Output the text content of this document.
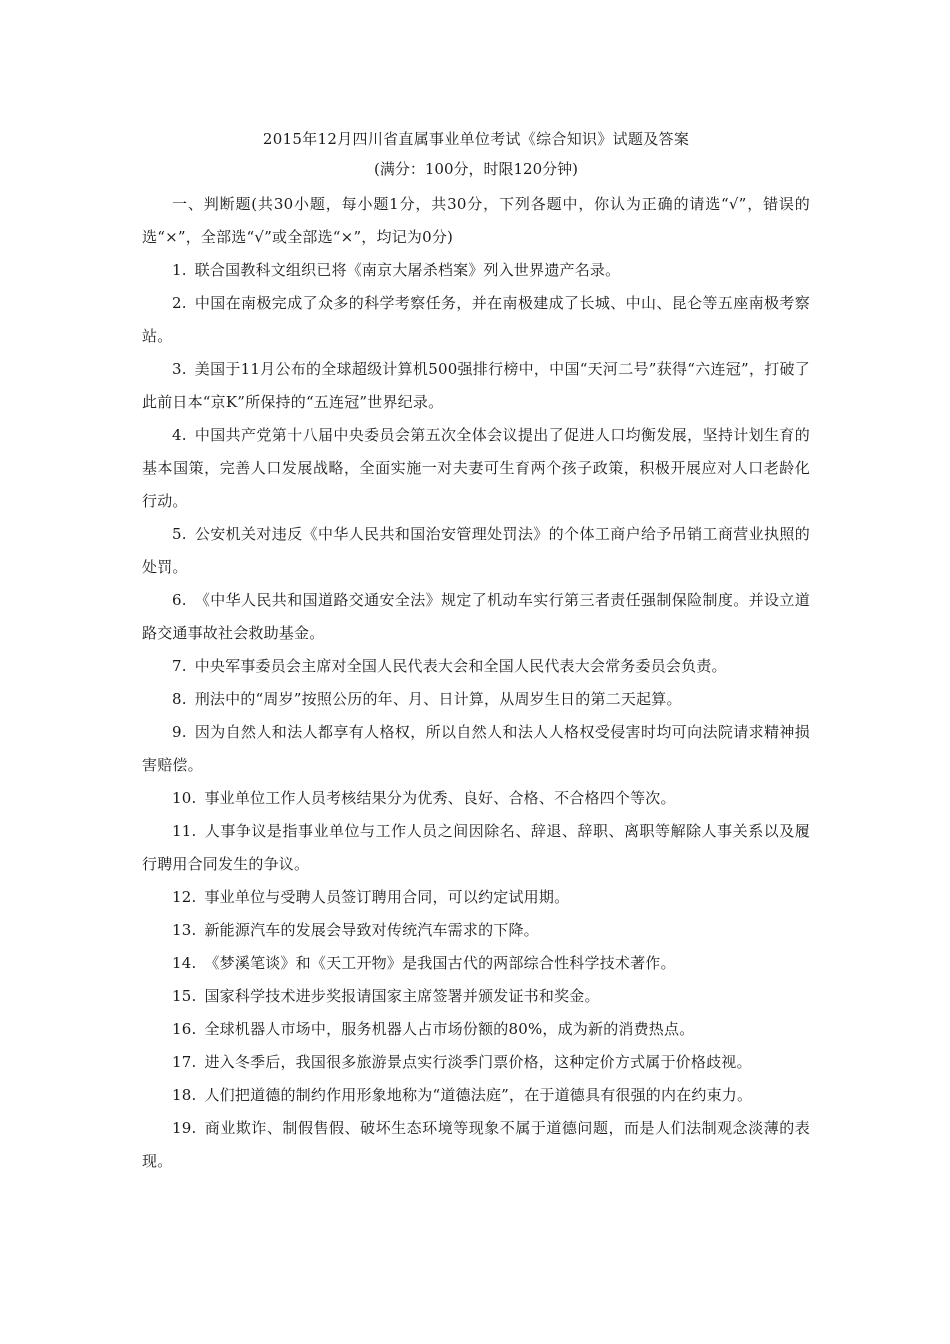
2015年12月四川省直属事业单位考试《综合知识》试题及答案

(满分：100分，时限120分钟)

一、判断题(共30小题，每小题1分，共30分，下列各题中，你认为正确的请选“√”，错误的选“×”，全部选“√”或全部选“×”，均记为0分)

1. 联合国教科文组织已将《南京大屠杀档案》列入世界遗产名录。

2. 中国在南极完成了众多的科学考察任务，并在南极建成了长城、中山、昆仑等五座南极考察站。

3. 美国于11月公布的全球超级计算机500强排行榜中，中国“天河二号”获得“六连冠”，打破了此前日本“京K”所保持的“五连冠”世界纪录。

4. 中国共产党第十八届中央委员会第五次全体会议提出了促进人口均衡发展，坚持计划生育的基本国策，完善人口发展战略，全面实施一对夫妻可生育两个孩子政策，积极开展应对人口老龄化行动。

5. 公安机关对违反《中华人民共和国治安管理处罚法》的个体工商户给予吊销工商营业执照的处罚。

6. 《中华人民共和国道路交通安全法》规定了机动车实行第三者责任强制保险制度。并设立道路交通事故社会救助基金。

7. 中央军事委员会主席对全国人民代表大会和全国人民代表大会常务委员会负责。

8. 刑法中的“周岁”按照公历的年、月、日计算，从周岁生日的第二天起算。

9. 因为自然人和法人都享有人格权，所以自然人和法人人格权受侵害时均可向法院请求精神损害赔偿。

10. 事业单位工作人员考核结果分为优秀、良好、合格、不合格四个等次。

11. 人事争议是指事业单位与工作人员之间因除名、辞退、辞职、离职等解除人事关系以及履行聘用合同发生的争议。

12. 事业单位与受聘人员签订聘用合同，可以约定试用期。

13. 新能源汽车的发展会导致对传统汽车需求的下降。

14. 《梦溪笔谈》和《天工开物》是我国古代的两部综合性科学技术著作。

15. 国家科学技术进步奖报请国家主席签署并颁发证书和奖金。

16. 全球机器人市场中，服务机器人占市场份额的80%，成为新的消费热点。

17. 进入冬季后，我国很多旅游景点实行淡季门票价格，这种定价方式属于价格歧视。

18. 人们把道德的制约作用形象地称为“道德法庭”，在于道德具有很强的内在约束力。

19. 商业欺诈、制假售假、破坏生态环境等现象不属于道德问题，而是人们法制观念淡薄的表现。
